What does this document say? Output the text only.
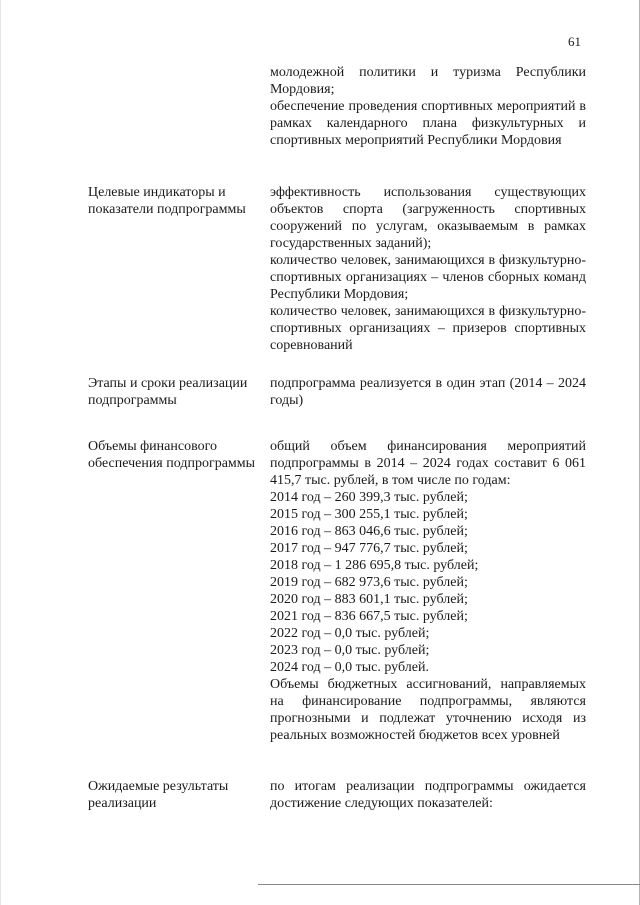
61

молодежной политики и туризма Республики Мордовия;

обеспечение проведения спортивных мероприятий в рамках календарного плана физкультурных и спортивных мероприятий Республики Мордовия

Целевые индикаторы и показатели подпрограммы

эффективность использования существующих объектов спорта (загруженность спортивных сооружений по услугам, оказываемым в рамках государственных заданий);

количество человек, занимающихся в физкультурно-спортивных организациях – членов сборных команд Республики Мордовия;

количество человек, занимающихся в физкультурно-спортивных организациях – призеров спортивных соревнований

Этапы и сроки реализации подпрограммы

подпрограмма реализуется в один этап (2014 – 2024 годы)

Объемы финансового обеспечения подпрограммы

общий объем финансирования мероприятий подпрограммы в 2014 – 2024 годах составит 6 061 415,7 тыс. рублей, в том числе по годам:

2014 год – 260 399,3 тыс. рублей;

2015 год – 300 255,1 тыс. рублей;

2016 год – 863 046,6 тыс. рублей;

2017 год – 947 776,7 тыс. рублей;

2018 год – 1 286 695,8 тыс. рублей;

2019 год – 682 973,6 тыс. рублей;

2020 год – 883 601,1 тыс. рублей;

2021 год – 836 667,5 тыс. рублей;

2022 год – 0,0 тыс. рублей;

2023 год – 0,0 тыс. рублей;

2024 год – 0,0 тыс. рублей.

Объемы бюджетных ассигнований, направляемых на финансирование подпрограммы, являются прогнозными и подлежат уточнению исходя из реальных возможностей бюджетов всех уровней

Ожидаемые результаты реализации

по итогам реализации подпрограммы ожидается достижение следующих показателей:
